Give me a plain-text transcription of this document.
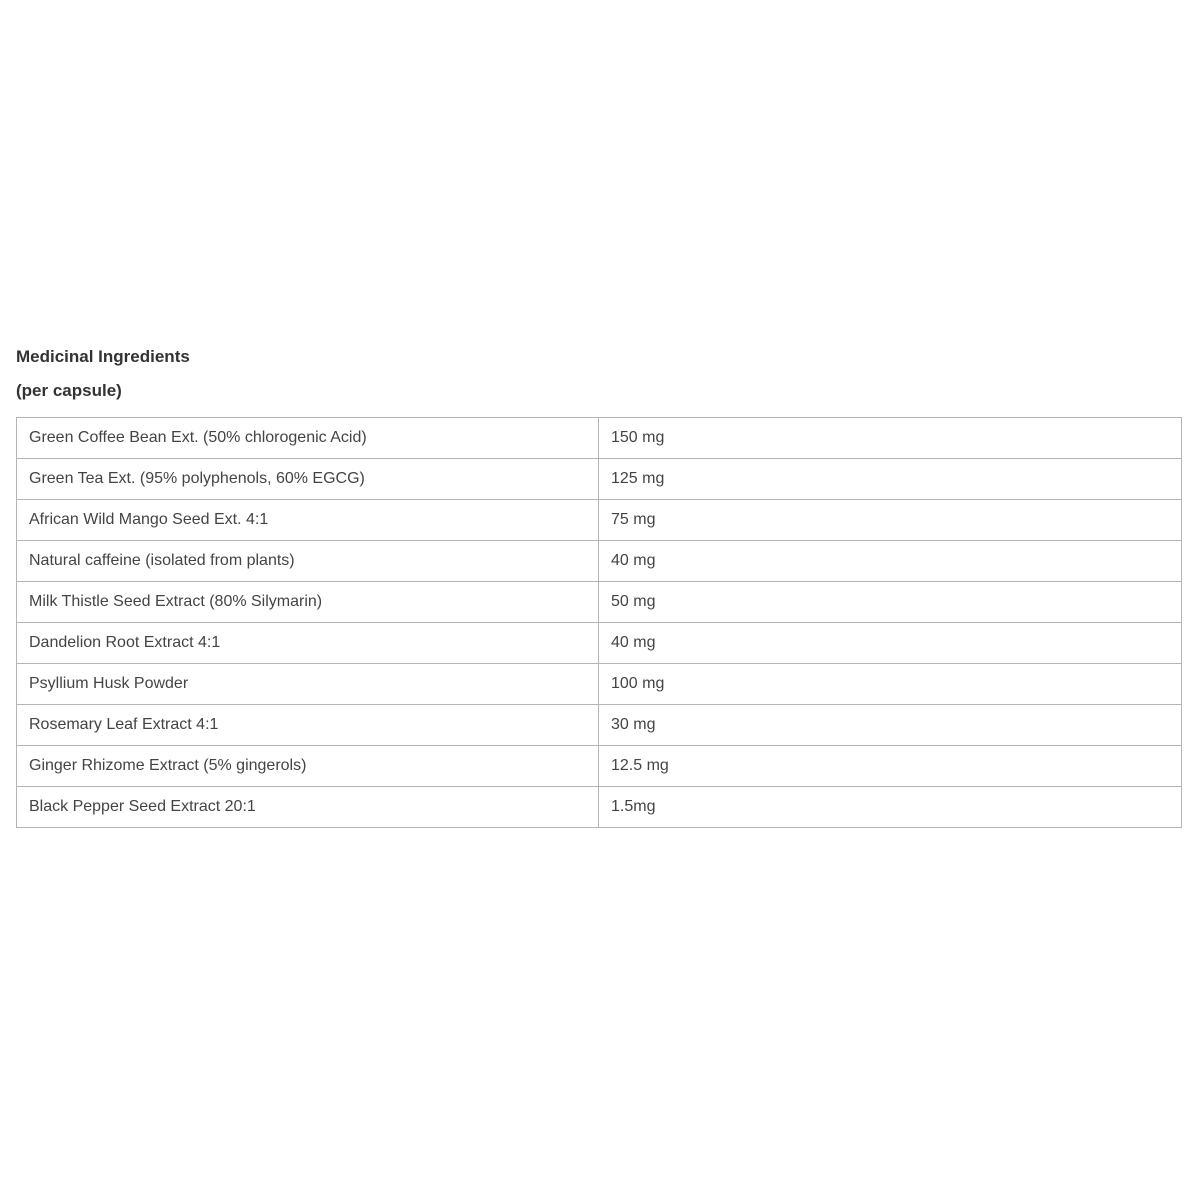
Medicinal Ingredients

(per capsule)

Green Coffee Bean Ext. (50% chlorogenic Acid)	150 mg
Green Tea Ext. (95% polyphenols, 60% EGCG)	125 mg
African Wild Mango Seed Ext. 4:1	75 mg
Natural caffeine (isolated from plants)	40 mg
Milk Thistle Seed Extract (80% Silymarin)	50 mg
Dandelion Root Extract 4:1	40 mg
Psyllium Husk Powder	100 mg
Rosemary Leaf Extract 4:1	30 mg
Ginger Rhizome Extract (5% gingerols)	12.5 mg
Black Pepper Seed Extract 20:1	1.5mg
